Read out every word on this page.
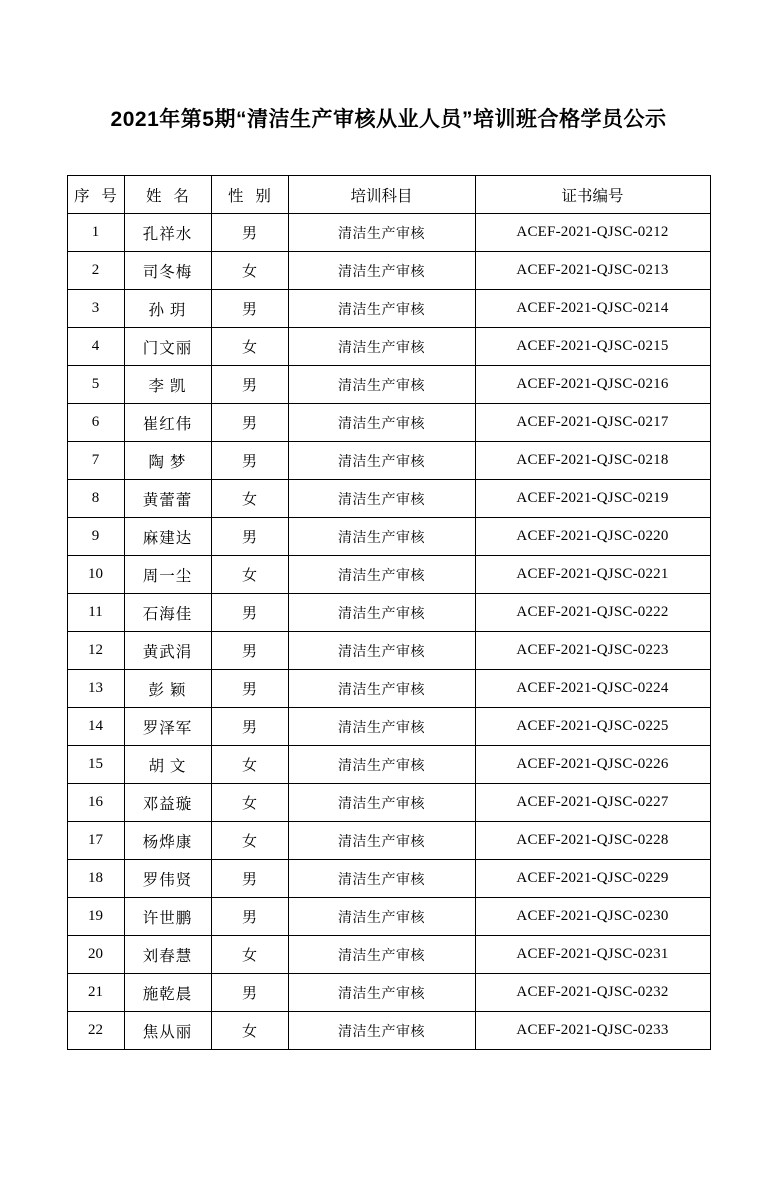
2021年第5期“清洁生产审核从业人员”培训班合格学员公示
序 号	姓 名	性 别	培训科目	证书编号
1	孔祥水	男	清洁生产审核	ACEF-2021-QJSC-0212
2	司冬梅	女	清洁生产审核	ACEF-2021-QJSC-0213
3	孙 玥	男	清洁生产审核	ACEF-2021-QJSC-0214
4	门文丽	女	清洁生产审核	ACEF-2021-QJSC-0215
5	李 凯	男	清洁生产审核	ACEF-2021-QJSC-0216
6	崔红伟	男	清洁生产审核	ACEF-2021-QJSC-0217
7	陶 梦	男	清洁生产审核	ACEF-2021-QJSC-0218
8	黄蕾蕾	女	清洁生产审核	ACEF-2021-QJSC-0219
9	麻建达	男	清洁生产审核	ACEF-2021-QJSC-0220
10	周一尘	女	清洁生产审核	ACEF-2021-QJSC-0221
11	石海佳	男	清洁生产审核	ACEF-2021-QJSC-0222
12	黄武涓	男	清洁生产审核	ACEF-2021-QJSC-0223
13	彭 颖	男	清洁生产审核	ACEF-2021-QJSC-0224
14	罗泽军	男	清洁生产审核	ACEF-2021-QJSC-0225
15	胡 文	女	清洁生产审核	ACEF-2021-QJSC-0226
16	邓益璇	女	清洁生产审核	ACEF-2021-QJSC-0227
17	杨烨康	女	清洁生产审核	ACEF-2021-QJSC-0228
18	罗伟贤	男	清洁生产审核	ACEF-2021-QJSC-0229
19	许世鹏	男	清洁生产审核	ACEF-2021-QJSC-0230
20	刘春慧	女	清洁生产审核	ACEF-2021-QJSC-0231
21	施乾晨	男	清洁生产审核	ACEF-2021-QJSC-0232
22	焦从丽	女	清洁生产审核	ACEF-2021-QJSC-0233
